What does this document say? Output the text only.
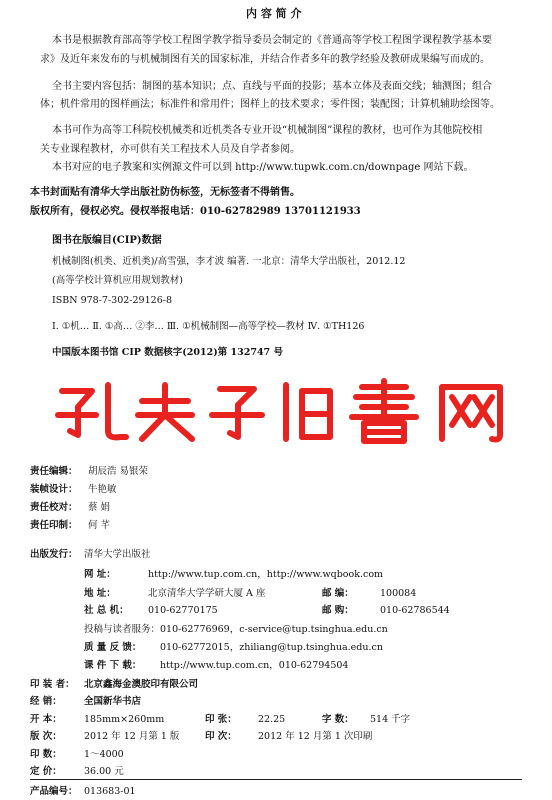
内 容 简 介
本书是根据教育部高等学校工程图学教学指导委员会制定的《普通高等学校工程图学课程教学基本要
求》及近年来发布的与机械制图有关的国家标准，并结合作者多年的教学经验及教研成果编写而成的。
全书主要内容包括：制图的基本知识；点、直线与平面的投影；基本立体及表面交线；轴测图；组合
体；机件常用的图样画法；标准件和常用件；图样上的技术要求；零件图；装配图；计算机辅助绘图等。
本书可作为高等工科院校机械类和近机类各专业开设“机械制图”课程的教材，也可作为其他院校相
关专业课程教材，亦可供有关工程技术人员及自学者参阅。
本书对应的电子教案和实例源文件可以到 http://www.tupwk.com.cn/downpage 网站下载。
本书封面贴有清华大学出版社防伪标签，无标签者不得销售。
版权所有，侵权必究。侵权举报电话：010-62782989 13701121933
图书在版编目(CIP)数据
机械制图(机类、近机类)/高雪强，李才波 编著. 一北京：清华大学出版社，2012.12
(高等学校计算机应用规划教材)
ISBN 978-7-302-29126-8
Ⅰ. ①机… Ⅱ. ①高… ②李… Ⅲ. ①机械制图—高等学校—教材 Ⅳ. ①TH126
中国版本图书馆 CIP 数据核字(2012)第 132747 号
责任编辑： 胡辰浩 易银荣
装帧设计： 牛艳敏
责任校对： 蔡 娟
责任印制： 何 芊
出版发行： 清华大学出版社
网 址：	http://www.tup.com.cn，http://www.wqbook.com
地 址：	北京清华大学学研大厦 A 座	邮 编：	100084
社 总 机： 010-62770175	邮 购：	010-62786544
投稿与读者服务：010-62776969，c-service@tup.tsinghua.edu.cn
质 量 反 馈： 010-62772015，zhiliang@tup.tsinghua.edu.cn
课 件 下 载： http://www.tup.com.cn，010-62794504
印 装 者： 北京鑫海金澳胶印有限公司
经 销： 全国新华书店
开 本： 185mm×260mm	印 张： 22.25	字 数： 514 千字
版 次： 2012 年 12 月第 1 版	印 次： 2012 年 12 月第 1 次印刷
印 数： 1～4000
定 价： 36.00 元
产品编号： 013683-01
